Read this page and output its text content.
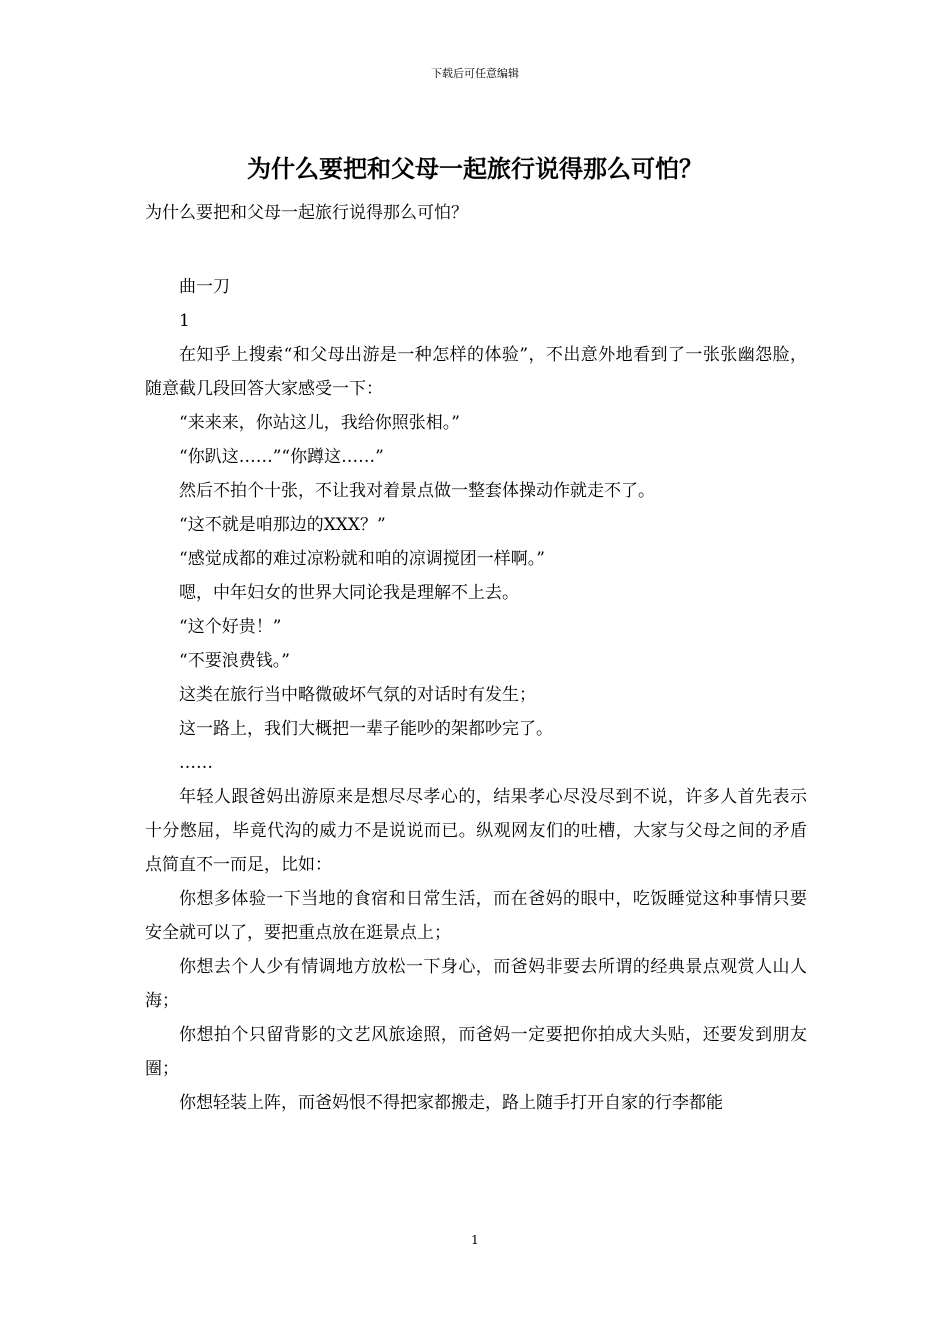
下载后可任意编辑
为什么要把和父母一起旅行说得那么可怕？

为什么要把和父母一起旅行说得那么可怕？

曲一刀

1

在知乎上搜索“和父母出游是一种怎样的体验”，不出意外地看到了一张张幽怨脸，随意截几段回答大家感受一下：

“来来来，你站这儿，我给你照张相。”

“你趴这……”“你蹲这……”

然后不拍个十张，不让我对着景点做一整套体操动作就走不了。

“这不就是咱那边的XXX？”

“感觉成都的难过凉粉就和咱的凉调搅团一样啊。”

嗯，中年妇女的世界大同论我是理解不上去。

“这个好贵！”

“不要浪费钱。”

这类在旅行当中略微破坏气氛的对话时有发生；

这一路上，我们大概把一辈子能吵的架都吵完了。

……

年轻人跟爸妈出游原来是想尽尽孝心的，结果孝心尽没尽到不说，许多人首先表示十分憋屈，毕竟代沟的威力不是说说而已。纵观网友们的吐槽，大家与父母之间的矛盾点简直不一而足，比如：

你想多体验一下当地的食宿和日常生活，而在爸妈的眼中，吃饭睡觉这种事情只要安全就可以了，要把重点放在逛景点上；

你想去个人少有情调地方放松一下身心，而爸妈非要去所谓的经典景点观赏人山人海；

你想拍个只留背影的文艺风旅途照，而爸妈一定要把你拍成大头贴，还要发到朋友圈；

你想轻装上阵，而爸妈恨不得把家都搬走，路上随手打开自家的行李都能

1
